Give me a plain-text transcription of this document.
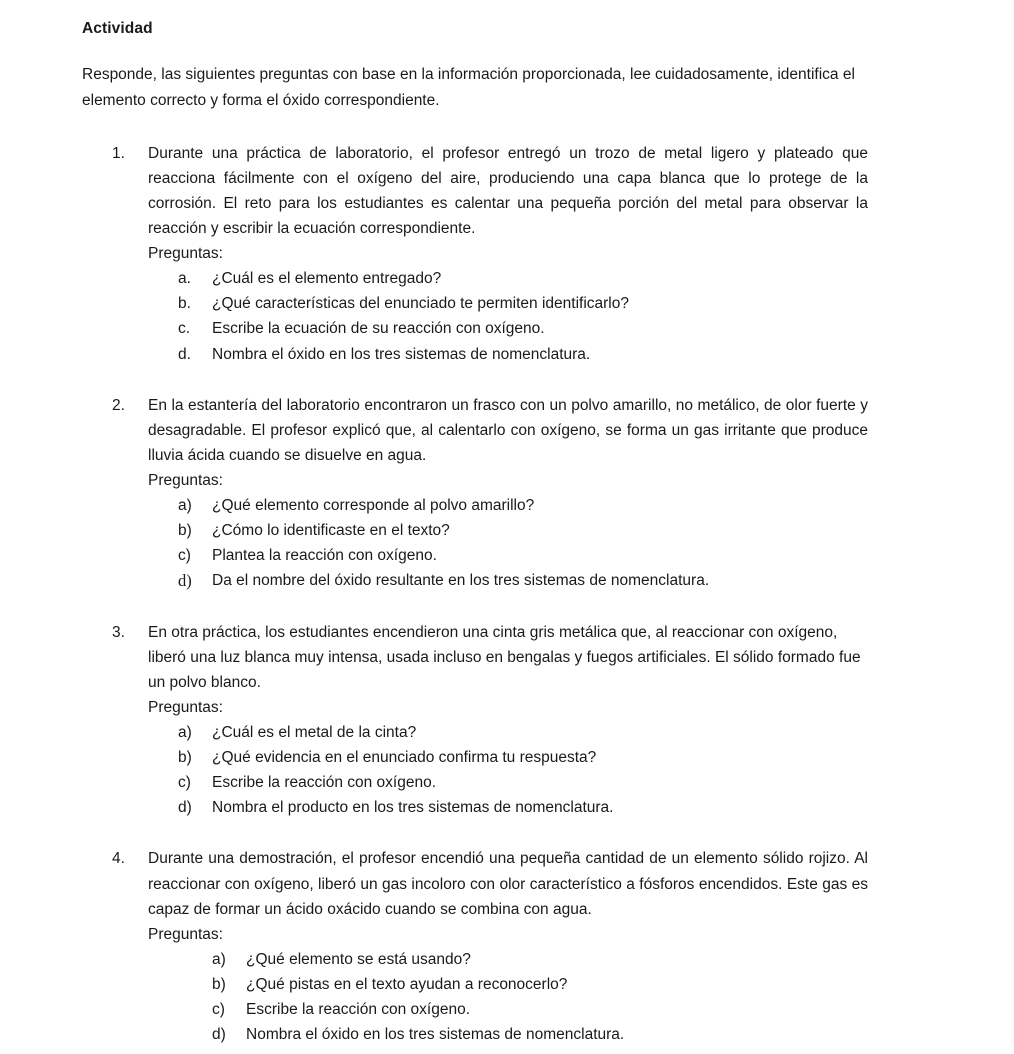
Actividad

Responde, las siguientes preguntas con base en la información proporcionada, lee cuidadosamente, identifica el elemento correcto y forma el óxido correspondiente.

1.	Durante una práctica de laboratorio, el profesor entregó un trozo de metal ligero y plateado que reacciona fácilmente con el oxígeno del aire, produciendo una capa blanca que lo protege de la corrosión. El reto para los estudiantes es calentar una pequeña porción del metal para observar la reacción y escribir la ecuación correspondiente.
Preguntas:
a.	¿Cuál es el elemento entregado?
b.	¿Qué características del enunciado te permiten identificarlo?
c.	Escribe la ecuación de su reacción con oxígeno.
d.	Nombra el óxido en los tres sistemas de nomenclatura.
2.	En la estantería del laboratorio encontraron un frasco con un polvo amarillo, no metálico, de olor fuerte y desagradable. El profesor explicó que, al calentarlo con oxígeno, se forma un gas irritante que produce lluvia ácida cuando se disuelve en agua.
Preguntas:
a)	¿Qué elemento corresponde al polvo amarillo?
b)	¿Cómo lo identificaste en el texto?
c)	Plantea la reacción con oxígeno.
d)	Da el nombre del óxido resultante en los tres sistemas de nomenclatura.
3.	En otra práctica, los estudiantes encendieron una cinta gris metálica que, al reaccionar con oxígeno, liberó una luz blanca muy intensa, usada incluso en bengalas y fuegos artificiales. El sólido formado fue un polvo blanco.
Preguntas:
a)	¿Cuál es el metal de la cinta?
b)	¿Qué evidencia en el enunciado confirma tu respuesta?
c)	Escribe la reacción con oxígeno.
d)	Nombra el producto en los tres sistemas de nomenclatura.
4.	Durante una demostración, el profesor encendió una pequeña cantidad de un elemento sólido rojizo. Al reaccionar con oxígeno, liberó un gas incoloro con olor característico a fósforos encendidos. Este gas es capaz de formar un ácido oxácido cuando se combina con agua.
Preguntas:
a)	¿Qué elemento se está usando?
b)	¿Qué pistas en el texto ayudan a reconocerlo?
c)	Escribe la reacción con oxígeno.
d)	Nombra el óxido en los tres sistemas de nomenclatura.
